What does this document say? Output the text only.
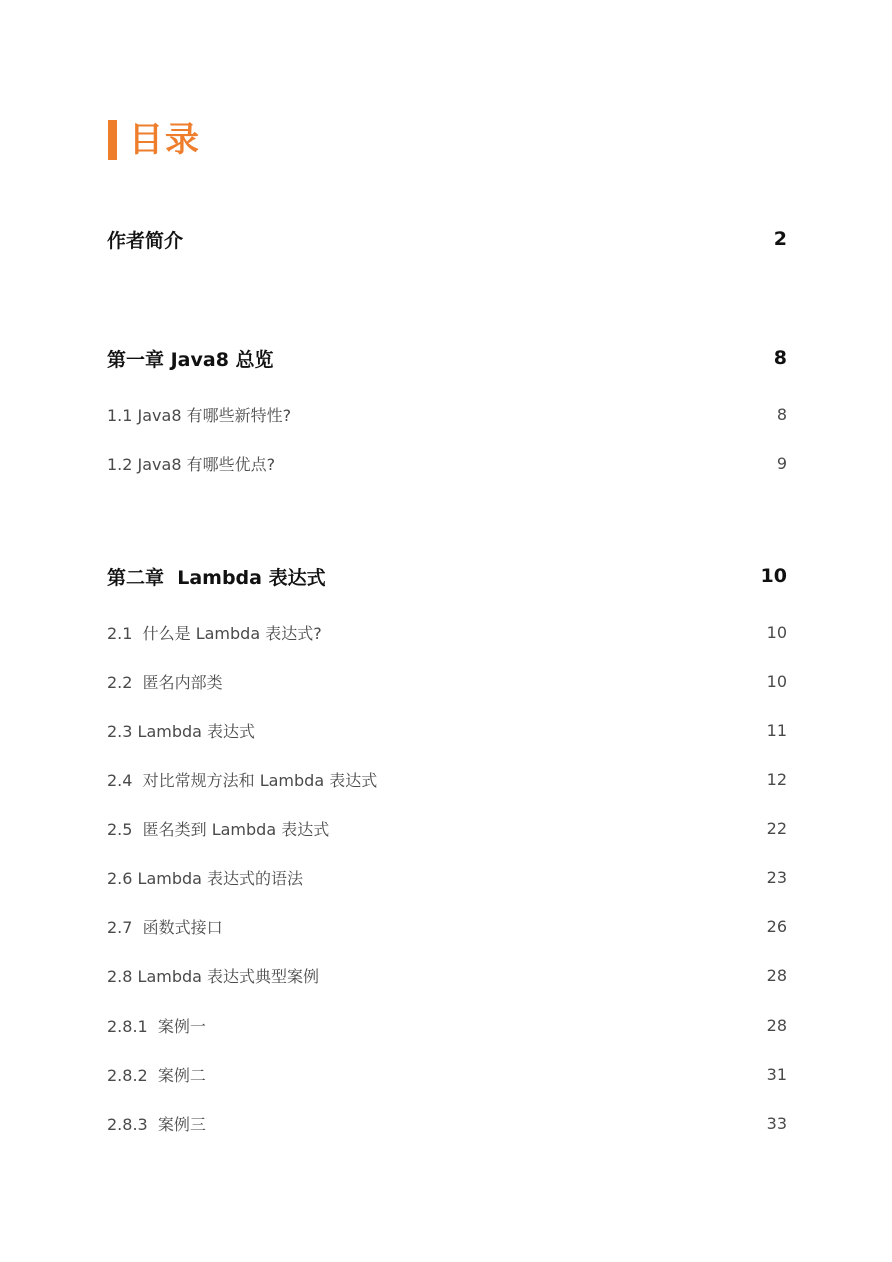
目录
作者简介	2
第一章 Java8 总览	8
1.1 Java8 有哪些新特性?	8
1.2 Java8 有哪些优点?	9
第二章  Lambda 表达式	10
2.1  什么是 Lambda 表达式?	10
2.2  匿名内部类	10
2.3 Lambda 表达式	11
2.4  对比常规方法和 Lambda 表达式	12
2.5  匿名类到 Lambda 表达式	22
2.6 Lambda 表达式的语法	23
2.7  函数式接口	26
2.8 Lambda 表达式典型案例	28
2.8.1  案例一	28
2.8.2  案例二	31
2.8.3  案例三	33
